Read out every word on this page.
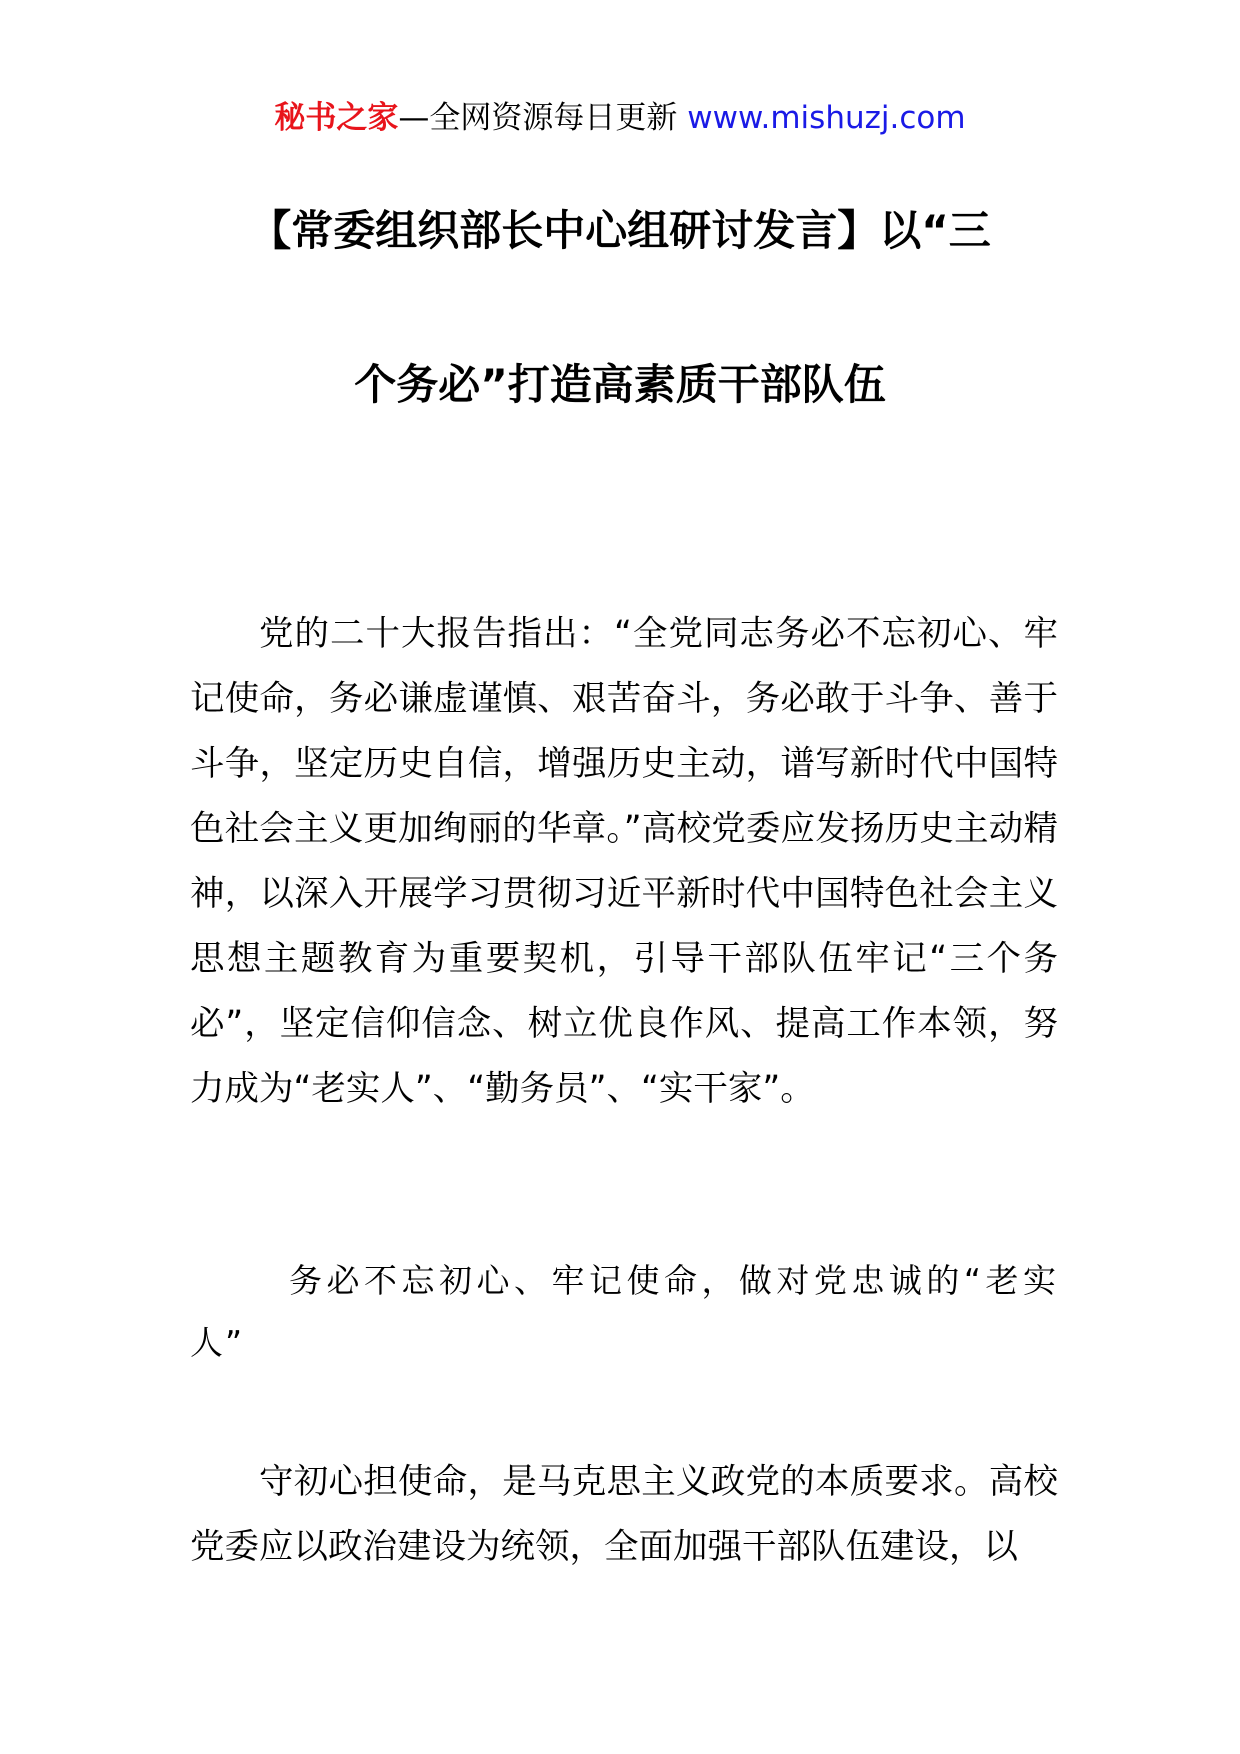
秘书之家—全网资源每日更新 www.mishuzj.com
【常委组织部长中心组研讨发言】以“三
个务必”打造高素质干部队伍
党的二十大报告指出：“全党同志务必不忘初心、牢记使命，务必谦虚谨慎、艰苦奋斗，务必敢于斗争、善于斗争，坚定历史自信，增强历史主动，谱写新时代中国特色社会主义更加绚丽的华章。”高校党委应发扬历史主动精神，以深入开展学习贯彻习近平新时代中国特色社会主义思想主题教育为重要契机，引导干部队伍牢记“三个务必”，坚定信仰信念、树立优良作风、提高工作本领，努力成为“老实人”、“勤务员”、“实干家”。
务必不忘初心、牢记使命，做对党忠诚的“老实人”
守初心担使命，是马克思主义政党的本质要求。高校党委应以政治建设为统领，全面加强干部队伍建设，以
